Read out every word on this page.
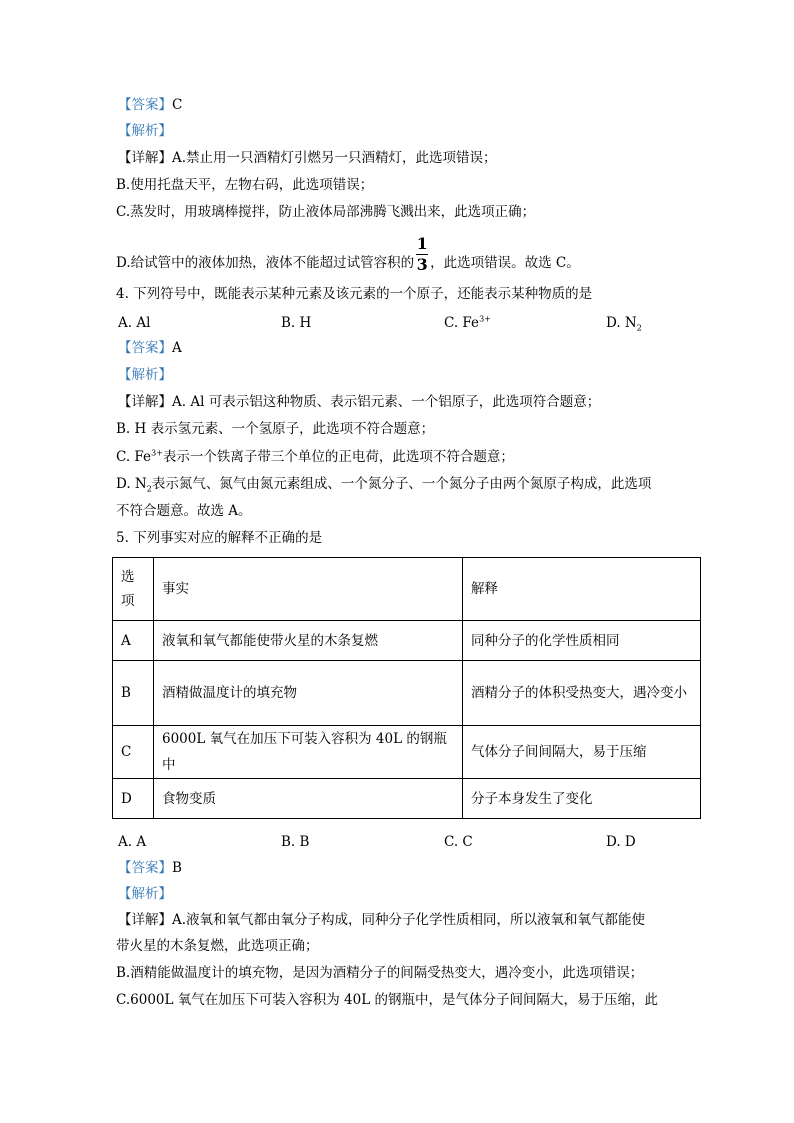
【答案】C
【解析】
【详解】A.禁止用一只酒精灯引燃另一只酒精灯，此选项错误；
B.使用托盘天平，左物右码，此选项错误；
C.蒸发时，用玻璃棒搅拌，防止液体局部沸腾飞溅出来，此选项正确；
D.给试管中的液体加热，液体不能超过试管容积的 $\frac{1}{3}$ ，此选项错误。故选 C。
4. 下列符号中，既能表示某种元素及该元素的一个原子，还能表示某种物质的是
A. Al	B. H	C. $Fe^{3+}$	D. $N_2$
【答案】A
【解析】
【详解】A. Al 可表示铝这种物质、表示铝元素、一个铝原子，此选项符合题意；
B. H 表示氢元素、一个氢原子，此选项不符合题意；
C. $Fe^{3+}$表示一个铁离子带三个单位的正电荷，此选项不符合题意；
D. $N_2$表示氮气、氮气由氮元素组成、一个氮分子、一个氮分子由两个氮原子构成，此选项
不符合题意。故选 A。
5. 下列事实对应的解释不正确的是
选项	事实	解释
A	液氧和氧气都能使带火星的木条复燃	同种分子的化学性质相同
B	酒精做温度计的填充物	酒精分子的体积受热变大，遇冷变小
C	6000L 氧气在加压下可装入容积为 40L 的钢瓶中	气体分子间间隔大，易于压缩
D	食物变质	分子本身发生了变化
A. A	B. B	C. C	D. D
【答案】B
【解析】
【详解】A.液氧和氧气都由氧分子构成，同种分子化学性质相同，所以液氧和氧气都能使
带火星的木条复燃，此选项正确；
B.酒精能做温度计的填充物，是因为酒精分子的间隔受热变大，遇冷变小，此选项错误；
C.6000L 氧气在加压下可装入容积为 40L 的钢瓶中，是气体分子间间隔大，易于压缩，此
